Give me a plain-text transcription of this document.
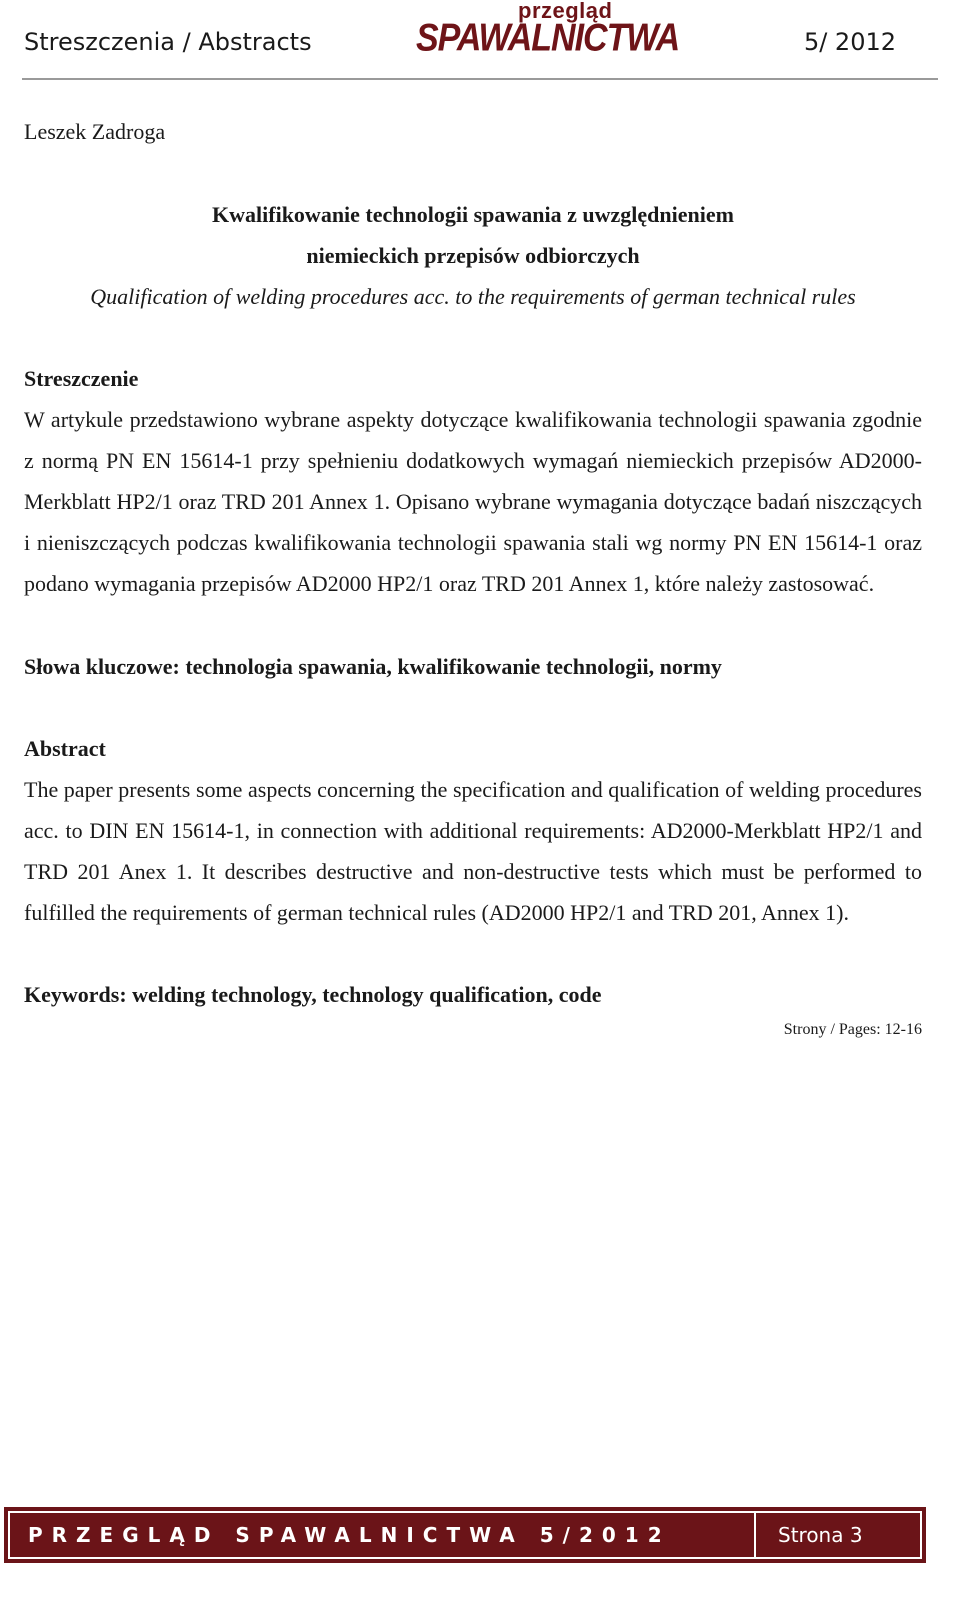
Streszczenia / Abstracts
przegląd
SPAWALNICTWA	5/ 2012
Leszek Zadroga
Kwalifikowanie technologii spawania z uwzględnieniem
niemieckich przepisów odbiorczych
Qualification of welding procedures acc. to the requirements of german technical rules
Streszczenie
W artykule przedstawiono wybrane aspekty dotyczące kwalifikowania technologii spawania zgodnie z normą PN EN 15614-1 przy spełnieniu dodatkowych wymagań niemieckich przepisów AD2000-Merkblatt HP2/1 oraz TRD 201 Annex 1. Opisano wybrane wymagania dotyczące badań niszczących i nieniszczących podczas kwalifikowania technologii spawania stali wg normy PN EN 15614-1 oraz podano wymagania przepisów AD2000 HP2/1 oraz TRD 201 Annex 1, które należy zastosować.
Słowa kluczowe: technologia spawania, kwalifikowanie technologii, normy
Abstract
The paper presents some aspects concerning the specification and qualification of welding procedures acc. to DIN EN 15614-1, in connection with additional requirements: AD2000-Merkblatt HP2/1 and TRD 201 Anex 1. It describes destructive and non-destructive tests which must be performed to fulfilled the requirements of german technical rules (AD2000 HP2/1 and TRD 201, Annex 1).
Keywords: welding technology, technology qualification, code
Strony / Pages: 12-16
PRZEGLĄD SPAWALNICTWA 5/2012	Strona 3
